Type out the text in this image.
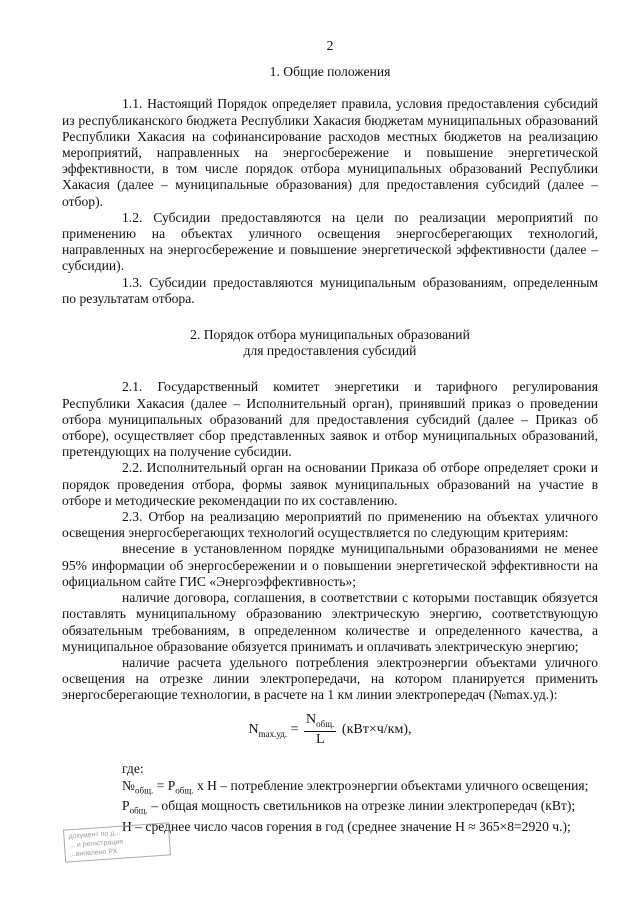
2

1. Общие положения

1.1. Настоящий Порядок определяет правила, условия предоставления субсидий из республиканского бюджета Республики Хакасия бюджетам муниципальных образований Республики Хакасия на софинансирование расходов местных бюджетов на реализацию мероприятий, направленных на энергосбережение и повышение энергетической эффективности, в том числе порядок отбора муниципальных образований Республики Хакасия (далее – муниципальные образования) для предоставления субсидий (далее – отбор).

1.2. Субсидии предоставляются на цели по реализации мероприятий по применению на объектах уличного освещения энергосберегающих технологий, направленных на энергосбережение и повышение энергетической эффективности (далее – субсидии).

1.3. Субсидии предоставляются муниципальным образованиям, определенным по результатам отбора.

2. Порядок отбора муниципальных образований

для предоставления субсидий

2.1. Государственный комитет энергетики и тарифного регулирования Республики Хакасия (далее – Исполнительный орган), принявший приказ о проведении отбора муниципальных образований для предоставления субсидий (далее – Приказ об отборе), осуществляет сбор представленных заявок и отбор муниципальных образований, претендующих на получение субсидии.

2.2. Исполнительный орган на основании Приказа об отборе определяет сроки и порядок проведения отбора, формы заявок муниципальных образований на участие в отборе и методические рекомендации по их составлению.

2.3. Отбор на реализацию мероприятий по применению на объектах уличного освещения энергосберегающих технологий осуществляется по следующим критериям:

внесение в установленном порядке муниципальными образованиями не менее 95% информации об энергосбережении и о повышении энергетической эффективности на официальном сайте ГИС «Энергоэффективность»;

наличие договора, соглашения, в соответствии с которыми поставщик обязуется поставлять муниципальному образованию электрическую энергию, соответствующую обязательным требованиям, в определенном количестве и определенного качества, а муниципальное образование обязуется принимать и оплачивать электрическую энергию;

наличие расчета удельного потребления электроэнергии объектами уличного освещения на отрезке линии электропередачи, на котором планируется применить энергосберегающие технологии, в расчете на 1 км линии электропередач (№max.уд.):

$N_{max.уд.} = \frac{N_{общ.}}{L} (кВт\times ч/км)$,

где:

$№_{общ.} = P_{общ.}$ х Н – потребление электроэнергии объектами уличного освещения;

$P_{общ.}$ – общая мощность светильников на отрезке линии электропередач (кВт);

Н – среднее число часов горения в год (среднее значение Н ≈ 365×8=2920 ч.);

документ по д...
... и регистрация
...ановлено РХ
